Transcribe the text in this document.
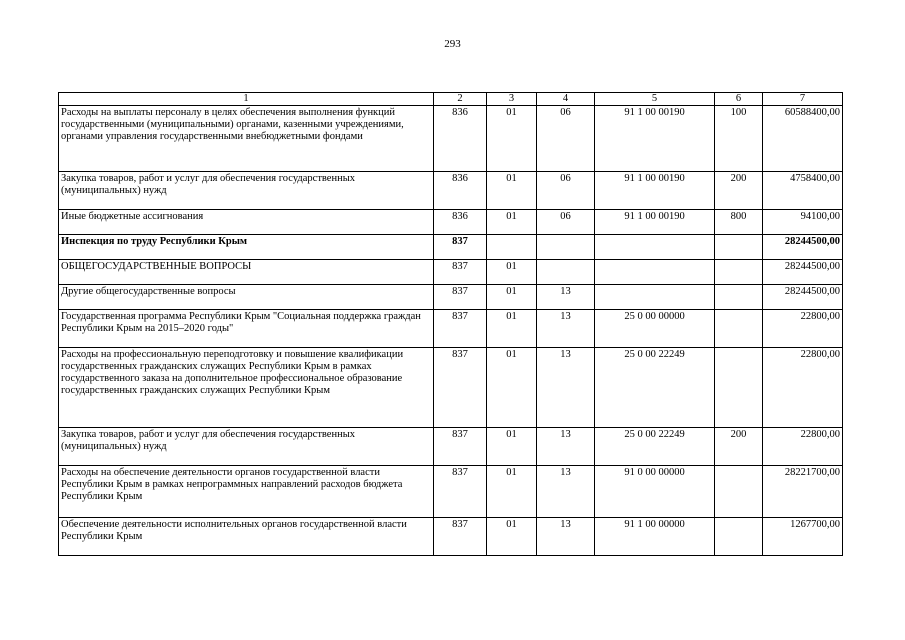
293
1	2	3	4	5	6	7
Расходы на выплаты персоналу в целях обеспечения выполнения функций государственными (муниципальными) органами, казенными учреждениями, органами управления государственными внебюджетными фондами	836	01	06	91 1 00 00190	100	60588400,00
Закупка товаров, работ и услуг для обеспечения государственных (муниципальных) нужд	836	01	06	91 1 00 00190	200	4758400,00
Иные бюджетные ассигнования	836	01	06	91 1 00 00190	800	94100,00
Инспекция по труду Республики Крым	837					28244500,00
ОБЩЕГОСУДАРСТВЕННЫЕ ВОПРОСЫ	837	01				28244500,00
Другие общегосударственные вопросы	837	01	13			28244500,00
Государственная программа Республики Крым "Социальная поддержка граждан Республики Крым на 2015–2020 годы"	837	01	13	25 0 00 00000		22800,00
Расходы на профессиональную переподготовку и повышение квалификации государственных гражданских служащих Республики Крым в рамках государственного заказа на дополнительное профессиональное образование государственных гражданских служащих Республики Крым	837	01	13	25 0 00 22249		22800,00
Закупка товаров, работ и услуг для обеспечения государственных (муниципальных) нужд	837	01	13	25 0 00 22249	200	22800,00
Расходы на обеспечение деятельности органов государственной власти Республики Крым в рамках непрограммных направлений расходов бюджета Республики Крым	837	01	13	91 0 00 00000		28221700,00
Обеспечение деятельности исполнительных органов государственной власти Республики Крым	837	01	13	91 1 00 00000		1267700,00
